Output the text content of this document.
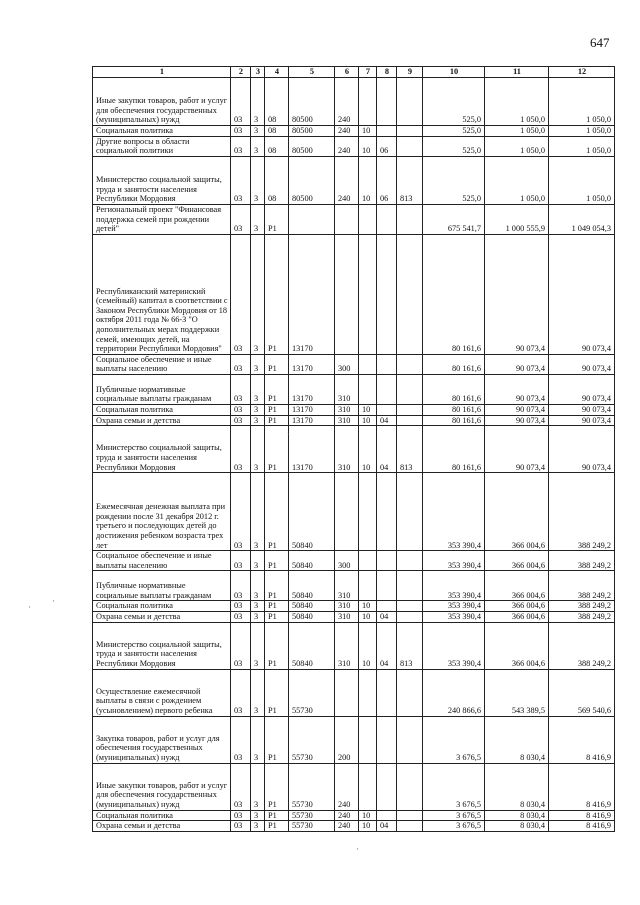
647
1	2	3	4	5	6	7	8	9	10	11	12
Иные закупки товаров, работ и услуг для обеспечения государственных (муниципальных) нужд	03	3	08	80500	240				525,0	1 050,0	1 050,0
Социальная политика	03	3	08	80500	240	10			525,0	1 050,0	1 050,0
Другие вопросы в области социальной политики	03	3	08	80500	240	10	06		525,0	1 050,0	1 050,0
Министерство социальной защиты, труда и занятости населения Республики Мордовия	03	3	08	80500	240	10	06	813	525,0	1 050,0	1 050,0
Региональный проект "Финансовая поддержка семей при рождении детей"	03	3	P1						675 541,7	1 000 555,9	1 049 054,3
Республиканский материнский (семейный) капитал в соответствии с Законом Республики Мордовия от 18 октября 2011 года № 66-З "О дополнительных мерах поддержки семей, имеющих детей, на территории Республики Мордовия"	03	3	P1	13170					80 161,6	90 073,4	90 073,4
Социальное обеспечение и иные выплаты населению	03	3	P1	13170	300				80 161,6	90 073,4	90 073,4
Публичные нормативные социальные выплаты гражданам	03	3	P1	13170	310				80 161,6	90 073,4	90 073,4
Социальная политика	03	3	P1	13170	310	10			80 161,6	90 073,4	90 073,4
Охрана семьи и детства	03	3	P1	13170	310	10	04		80 161,6	90 073,4	90 073,4
Министерство социальной защиты, труда и занятости населения Республики Мордовия	03	3	P1	13170	310	10	04	813	80 161,6	90 073,4	90 073,4
Ежемесячная денежная выплата при рождении после 31 декабря 2012 г. третьего и последующих детей до достижения ребенком возраста трех лет	03	3	P1	50840					353 390,4	366 004,6	388 249,2
Социальное обеспечение и иные выплаты населению	03	3	P1	50840	300				353 390,4	366 004,6	388 249,2
Публичные нормативные социальные выплаты гражданам	03	3	P1	50840	310				353 390,4	366 004,6	388 249,2
Социальная политика	03	3	P1	50840	310	10			353 390,4	366 004,6	388 249,2
Охрана семьи и детства	03	3	P1	50840	310	10	04		353 390,4	366 004,6	388 249,2
Министерство социальной защиты, труда и занятости населения Республики Мордовия	03	3	P1	50840	310	10	04	813	353 390,4	366 004,6	388 249,2
Осуществление ежемесячной выплаты в связи с рождением (усыновлением) первого ребенка	03	3	P1	55730					240 866,6	543 389,5	569 540,6
Закупка товаров, работ и услуг для обеспечения государственных (муниципальных) нужд	03	3	P1	55730	200				3 676,5	8 030,4	8 416,9
Иные закупки товаров, работ и услуг для обеспечения государственных (муниципальных) нужд	03	3	P1	55730	240				3 676,5	8 030,4	8 416,9
Социальная политика	03	3	P1	55730	240	10			3 676,5	8 030,4	8 416,9
Охрана семьи и детства	03	3	P1	55730	240	10	04		3 676,5	8 030,4	8 416,9
·
·
ˋ
·
